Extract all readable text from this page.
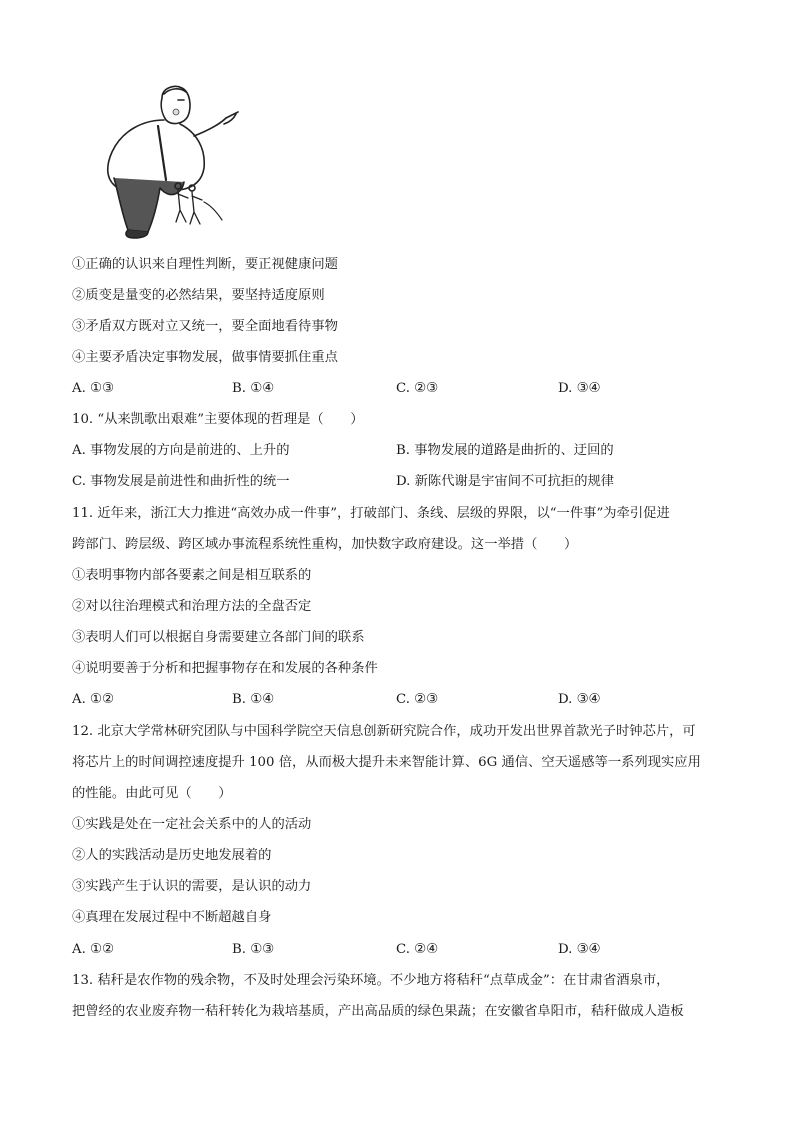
①正确的认识来自理性判断，要正视健康问题
②质变是量变的必然结果，要坚持适度原则
③矛盾双方既对立又统一，要全面地看待事物
④主要矛盾决定事物发展，做事情要抓住重点
A. ①③	B. ①④	C. ②③	D. ③④
10. “从来凯歌出艰难”主要体现的哲理是（　　）
A. 事物发展的方向是前进的、上升的	B. 事物发展的道路是曲折的、迂回的
C. 事物发展是前进性和曲折性的统一	D. 新陈代谢是宇宙间不可抗拒的规律
11. 近年来，浙江大力推进“高效办成一件事”，打破部门、条线、层级的界限，以“一件事”为牵引促进
跨部门、跨层级、跨区域办事流程系统性重构，加快数字政府建设。这一举措（　　）
①表明事物内部各要素之间是相互联系的
②对以往治理模式和治理方法的全盘否定
③表明人们可以根据自身需要建立各部门间的联系
④说明要善于分析和把握事物存在和发展的各种条件
A. ①②	B. ①④	C. ②③	D. ③④
12. 北京大学常林研究团队与中国科学院空天信息创新研究院合作，成功开发出世界首款光子时钟芯片，可
将芯片上的时间调控速度提升 100 倍，从而极大提升未来智能计算、6G 通信、空天遥感等一系列现实应用
的性能。由此可见（　　）
①实践是处在一定社会关系中的人的活动
②人的实践活动是历史地发展着的
③实践产生于认识的需要，是认识的动力
④真理在发展过程中不断超越自身
A. ①②	B. ①③	C. ②④	D. ③④
13. 秸秆是农作物的残余物，不及时处理会污染环境。不少地方将秸秆“点草成金”：在甘肃省酒泉市，
把曾经的农业废弃物一秸秆转化为栽培基质，产出高品质的绿色果蔬；在安徽省阜阳市，秸秆做成人造板
